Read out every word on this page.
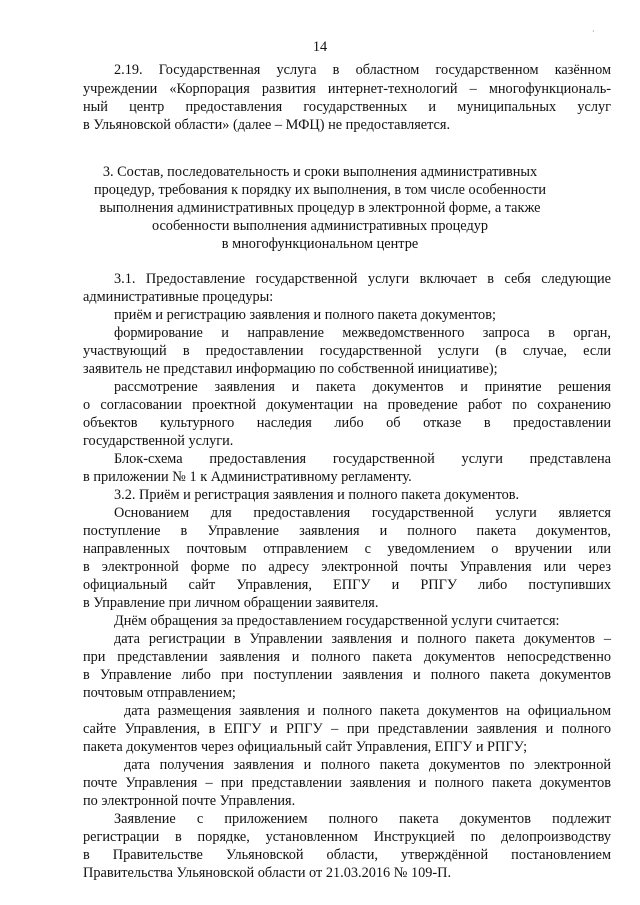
14
·
2.19. Государственная услуга в областном государственном казённом
учреждении «Корпорация развития интернет-технологий – многофункциональ-
ный центр предоставления государственных и муниципальных услуг
в Ульяновской области» (далее – МФЦ) не предоставляется.
3. Состав, последовательность и сроки выполнения административных
процедур, требования к порядку их выполнения, в том числе особенности
выполнения административных процедур в электронной форме, а также
особенности выполнения административных процедур
в многофункциональном центре
3.1. Предоставление государственной услуги включает в себя следующие
административные процедуры:
приём и регистрацию заявления и полного пакета документов;
формирование и направление межведомственного запроса в орган,
участвующий в предоставлении государственной услуги (в случае, если
заявитель не представил информацию по собственной инициативе);
рассмотрение заявления и пакета документов и принятие решения
о согласовании проектной документации на проведение работ по сохранению
объектов культурного наследия либо об отказе в предоставлении
государственной услуги.
Блок-схема предоставления государственной услуги представлена
в приложении № 1 к Административному регламенту.
3.2. Приём и регистрация заявления и полного пакета документов.
Основанием для предоставления государственной услуги является
поступление в Управление заявления и полного пакета документов,
направленных почтовым отправлением с уведомлением о вручении или
в электронной форме по адресу электронной почты Управления или через
официальный сайт Управления, ЕПГУ и РПГУ либо поступивших
в Управление при личном обращении заявителя.
Днём обращения за предоставлением государственной услуги считается:
дата регистрации в Управлении заявления и полного пакета документов –
при представлении заявления и полного пакета документов непосредственно
в Управление либо при поступлении заявления и полного пакета документов
почтовым отправлением;
дата размещения заявления и полного пакета документов на официальном
сайте Управления, в ЕПГУ и РПГУ – при представлении заявления и полного
пакета документов через официальный сайт Управления, ЕПГУ и РПГУ;
дата получения заявления и полного пакета документов по электронной
почте Управления – при представлении заявления и полного пакета документов
по электронной почте Управления.
Заявление с приложением полного пакета документов подлежит
регистрации в порядке, установленном Инструкцией по делопроизводству
в Правительстве Ульяновской области, утверждённой постановлением
Правительства Ульяновской области от 21.03.2016 № 109-П.
